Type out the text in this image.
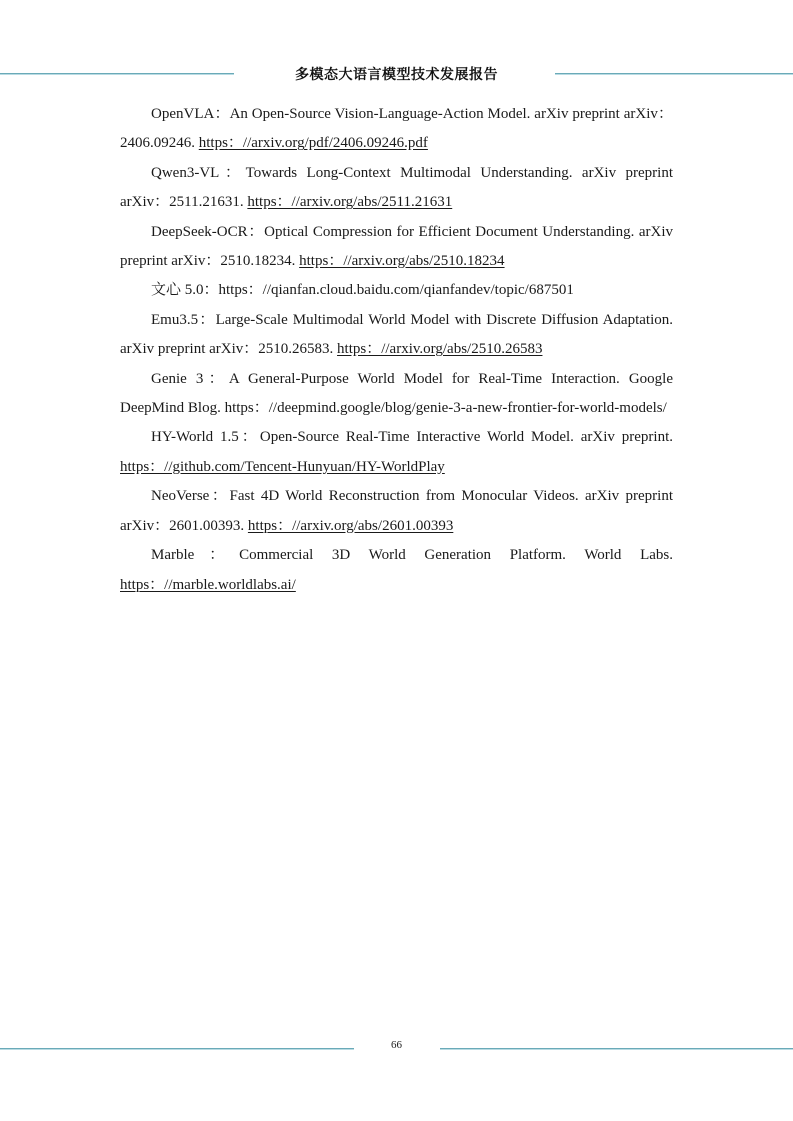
多模态大语言模型技术发展报告

OpenVLA：An Open-Source Vision-Language-Action Model. arXiv preprint arXiv：2406.09246. https：//arxiv.org/pdf/2406.09246.pdf

Qwen3-VL：Towards Long-Context Multimodal Understanding. arXiv preprint arXiv：2511.21631. https：//arxiv.org/abs/2511.21631

DeepSeek-OCR：Optical Compression for Efficient Document Understanding. arXiv preprint arXiv：2510.18234. https：//arxiv.org/abs/2510.18234

文心 5.0：https：//qianfan.cloud.baidu.com/qianfandev/topic/687501

Emu3.5：Large-Scale Multimodal World Model with Discrete Diffusion Adaptation. arXiv preprint arXiv：2510.26583. https：//arxiv.org/abs/2510.26583

Genie 3：A General-Purpose World Model for Real-Time Interaction. Google DeepMind Blog. https：//deepmind.google/blog/genie-3-a-new-frontier-for-world-models/

HY-World 1.5：Open-Source Real-Time Interactive World Model. arXiv preprint. https：//github.com/Tencent-Hunyuan/HY-WorldPlay

NeoVerse：Fast 4D World Reconstruction from Monocular Videos. arXiv preprint arXiv：2601.00393. https：//arxiv.org/abs/2601.00393

Marble：Commercial 3D World Generation Platform. World Labs. https：//marble.worldlabs.ai/

66
